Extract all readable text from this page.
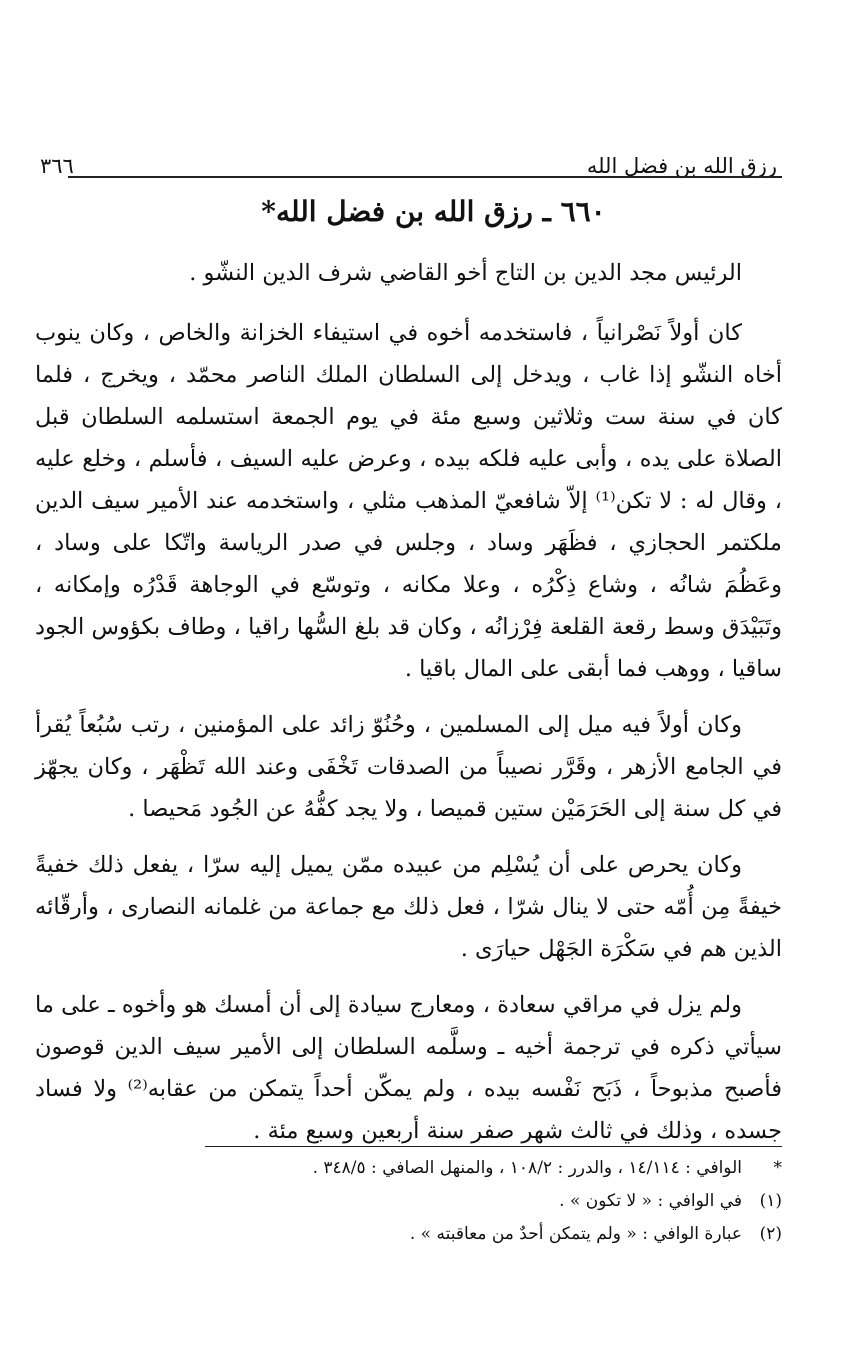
رزق الله بن فضل الله
٣٦٦
٦٦٠ ـ رزق الله بن فضل الله*

الرئيس مجد الدين بن التاج أخو القاضي شرف الدين النشّو .

كان أولاً نَصْرانياً ، فاستخدمه أخوه في استيفاء الخزانة والخاص ، وكان ينوب أخاه النشّو إذا غاب ، ويدخل إلى السلطان الملك الناصر محمّد ، ويخرج ، فلما كان في سنة ست وثلاثين وسبع مئة في يوم الجمعة استسلمه السلطان قبل الصلاة على يده ، وأبى عليه فلكه بيده ، وعرض عليه السيف ، فأسلم ، وخلع عليه ، وقال له : لا تكن⁽¹⁾ إلاّ شافعيّ المذهب مثلي ، واستخدمه عند الأمير سيف الدين ملكتمر الحجازي ، فظَهَر وساد ، وجلس في صدر الرياسة واتّكا على وساد ، وعَظُمَ شانُه ، وشاع ذِكْرُه ، وعلا مكانه ، وتوسّع في الوجاهة قَدْرُه وإمكانه ، وتَبَيْدَق وسط رقعة القلعة فِرْزانُه ، وكان قد بلغ السُّها راقيا ، وطاف بكؤوس الجود ساقيا ، ووهب فما أبقى على المال باقيا .

وكان أولاً فيه ميل إلى المسلمين ، وحُنُوّ زائد على المؤمنين ، رتب سُبُعاً يُقرأ في الجامع الأزهر ، وقَرَّر نصيباً من الصدقات تَخْفَى وعند الله تَظْهَر ، وكان يجهّز في كل سنة إلى الحَرَمَيْن ستين قميصا ، ولا يجد كفُّهُ عن الجُود مَحيصا .

وكان يحرص على أن يُسْلِم من عبيده ممّن يميل إليه سرّا ، يفعل ذلك خفيةً خيفةً مِن أُمّه حتى لا ينال شرّا ، فعل ذلك مع جماعة من غلمانه النصارى ، وأرقّائه الذين هم في سَكْرَة الجَهْل حيارَى .

ولم يزل في مراقي سعادة ، ومعارج سيادة إلى أن أمسك هو وأخوه ـ على ما سيأتي ذكره في ترجمة أخيه ـ وسلَّمه السلطان إلى الأمير سيف الدين قوصون فأصبح مذبوحاً ، ذَبَح نَفْسه بيده ، ولم يمكّن أحداً يتمكن من عقابه⁽²⁾ ولا فساد جسده ، وذلك في ثالث شهر صفر سنة أربعين وسبع مئة .

*
الوافي : ١٤/١١٤ ، والدرر : ١٠٨/٢ ، والمنهل الصافي : ٣٤٨/٥ .
(١)
في الوافي : « لا تكون » .
(٢)
عبارة الوافي : « ولم يتمكن أحدٌ من معاقبته » .
